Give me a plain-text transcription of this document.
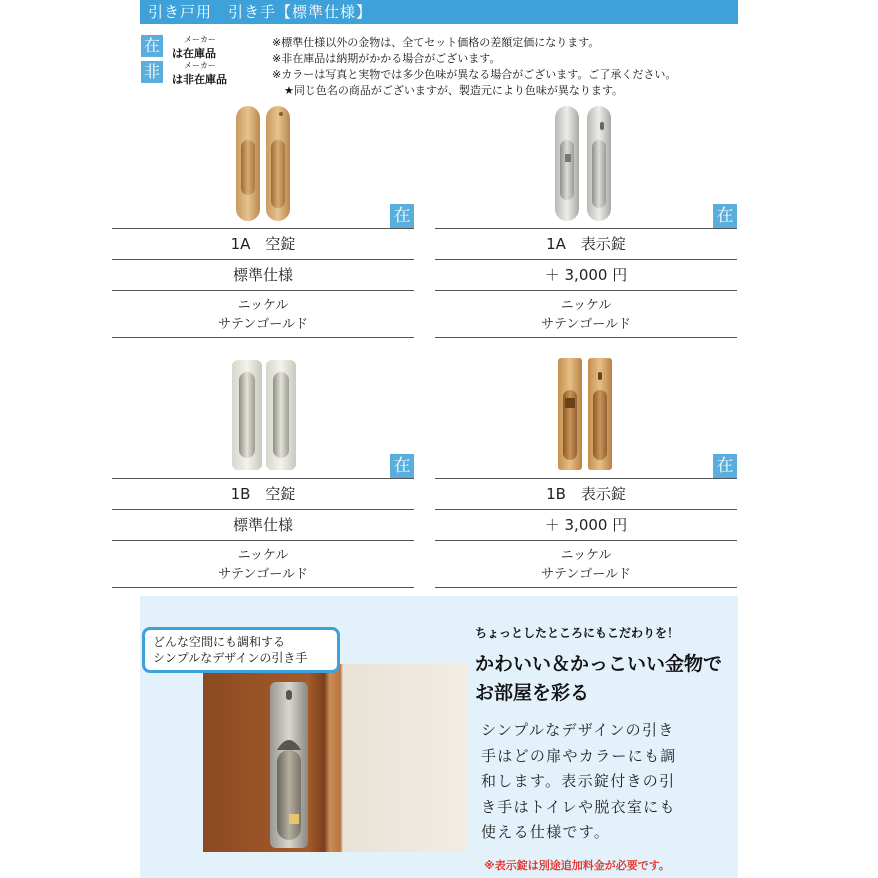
引き戸用　引き手【標準仕様】
在	メーカー
は在庫品
非	メーカー
は非在庫品
※標準仕様以外の金物は、全てセット価格の差額定価になります。
※非在庫品は納期がかかる場合がございます。
※カラーは写真と実物では多少色味が異なる場合がございます。ご了承ください。
★同じ色名の商品がございますが、製造元により色味が異なります。
在
1A　空錠
標準仕様
ニッケル
サテンゴールド
在
1A　表示錠
＋ 3,000 円
ニッケル
サテンゴールド
在
1B　空錠
標準仕様
ニッケル
サテンゴールド
在
1B　表示錠
＋ 3,000 円
ニッケル
サテンゴールド
どんな空間にも調和する
シンプルなデザインの引き手
ちょっとしたところにもこだわりを！
かわいい＆かっこいい金物で
お部屋を彩る
シンプルなデザインの引き
手はどの扉やカラーにも調
和します。表示錠付きの引
き手はトイレや脱衣室にも
使える仕様です。
※表示錠は別途追加料金が必要です。
